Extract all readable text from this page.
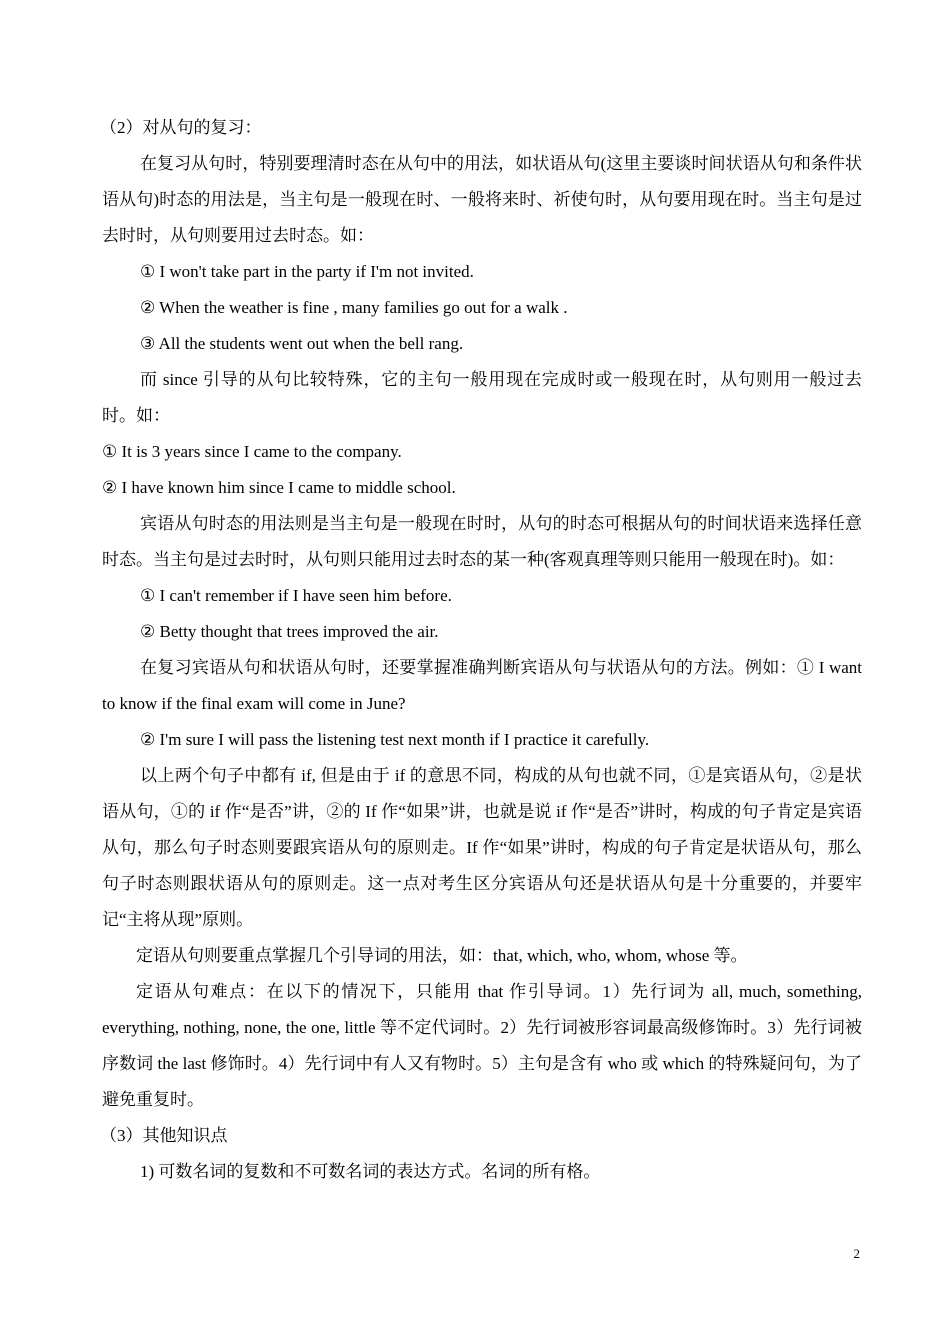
（2）对从句的复习：

在复习从句时，特别要理清时态在从句中的用法，如状语从句(这里主要谈时间状语从句和条件状语从句)时态的用法是，当主句是一般现在时、一般将来时、祈使句时，从句要用现在时。当主句是过去时时，从句则要用过去时态。如：

① I won't take part in the party if I'm not invited.

② When the weather is fine , many families go out for a walk .

③ All the students went out when the bell rang.

而 since 引导的从句比较特殊，它的主句一般用现在完成时或一般现在时，从句则用一般过去时。如：

① It is 3 years since I came to the company.

② I have known him since I came to middle school.

宾语从句时态的用法则是当主句是一般现在时时，从句的时态可根据从句的时间状语来选择任意时态。当主句是过去时时，从句则只能用过去时态的某一种(客观真理等则只能用一般现在时)。如：

① I can't remember if I have seen him before.

② Betty thought that trees improved the air.

在复习宾语从句和状语从句时，还要掌握准确判断宾语从句与状语从句的方法。例如：① I want to know if the final exam will come in June?

② I'm sure I will pass the listening test next month if I practice it carefully.

以上两个句子中都有 if, 但是由于 if 的意思不同，构成的从句也就不同，①是宾语从句，②是状语从句，①的 if 作“是否”讲，②的 If 作“如果”讲，也就是说 if 作“是否”讲时，构成的句子肯定是宾语从句，那么句子时态则要跟宾语从句的原则走。If 作“如果”讲时，构成的句子肯定是状语从句，那么句子时态则跟状语从句的原则走。这一点对考生区分宾语从句还是状语从句是十分重要的，并要牢记“主将从现”原则。

定语从句则要重点掌握几个引导词的用法，如：that, which, who, whom, whose 等。

定语从句难点：在以下的情况下，只能用 that 作引导词。1）先行词为 all, much, something, everything, nothing, none, the one, little 等不定代词时。2）先行词被形容词最高级修饰时。3）先行词被序数词 the last 修饰时。4）先行词中有人又有物时。5）主句是含有 who 或 which 的特殊疑问句，为了避免重复时。

（3）其他知识点

1) 可数名词的复数和不可数名词的表达方式。名词的所有格。

2
